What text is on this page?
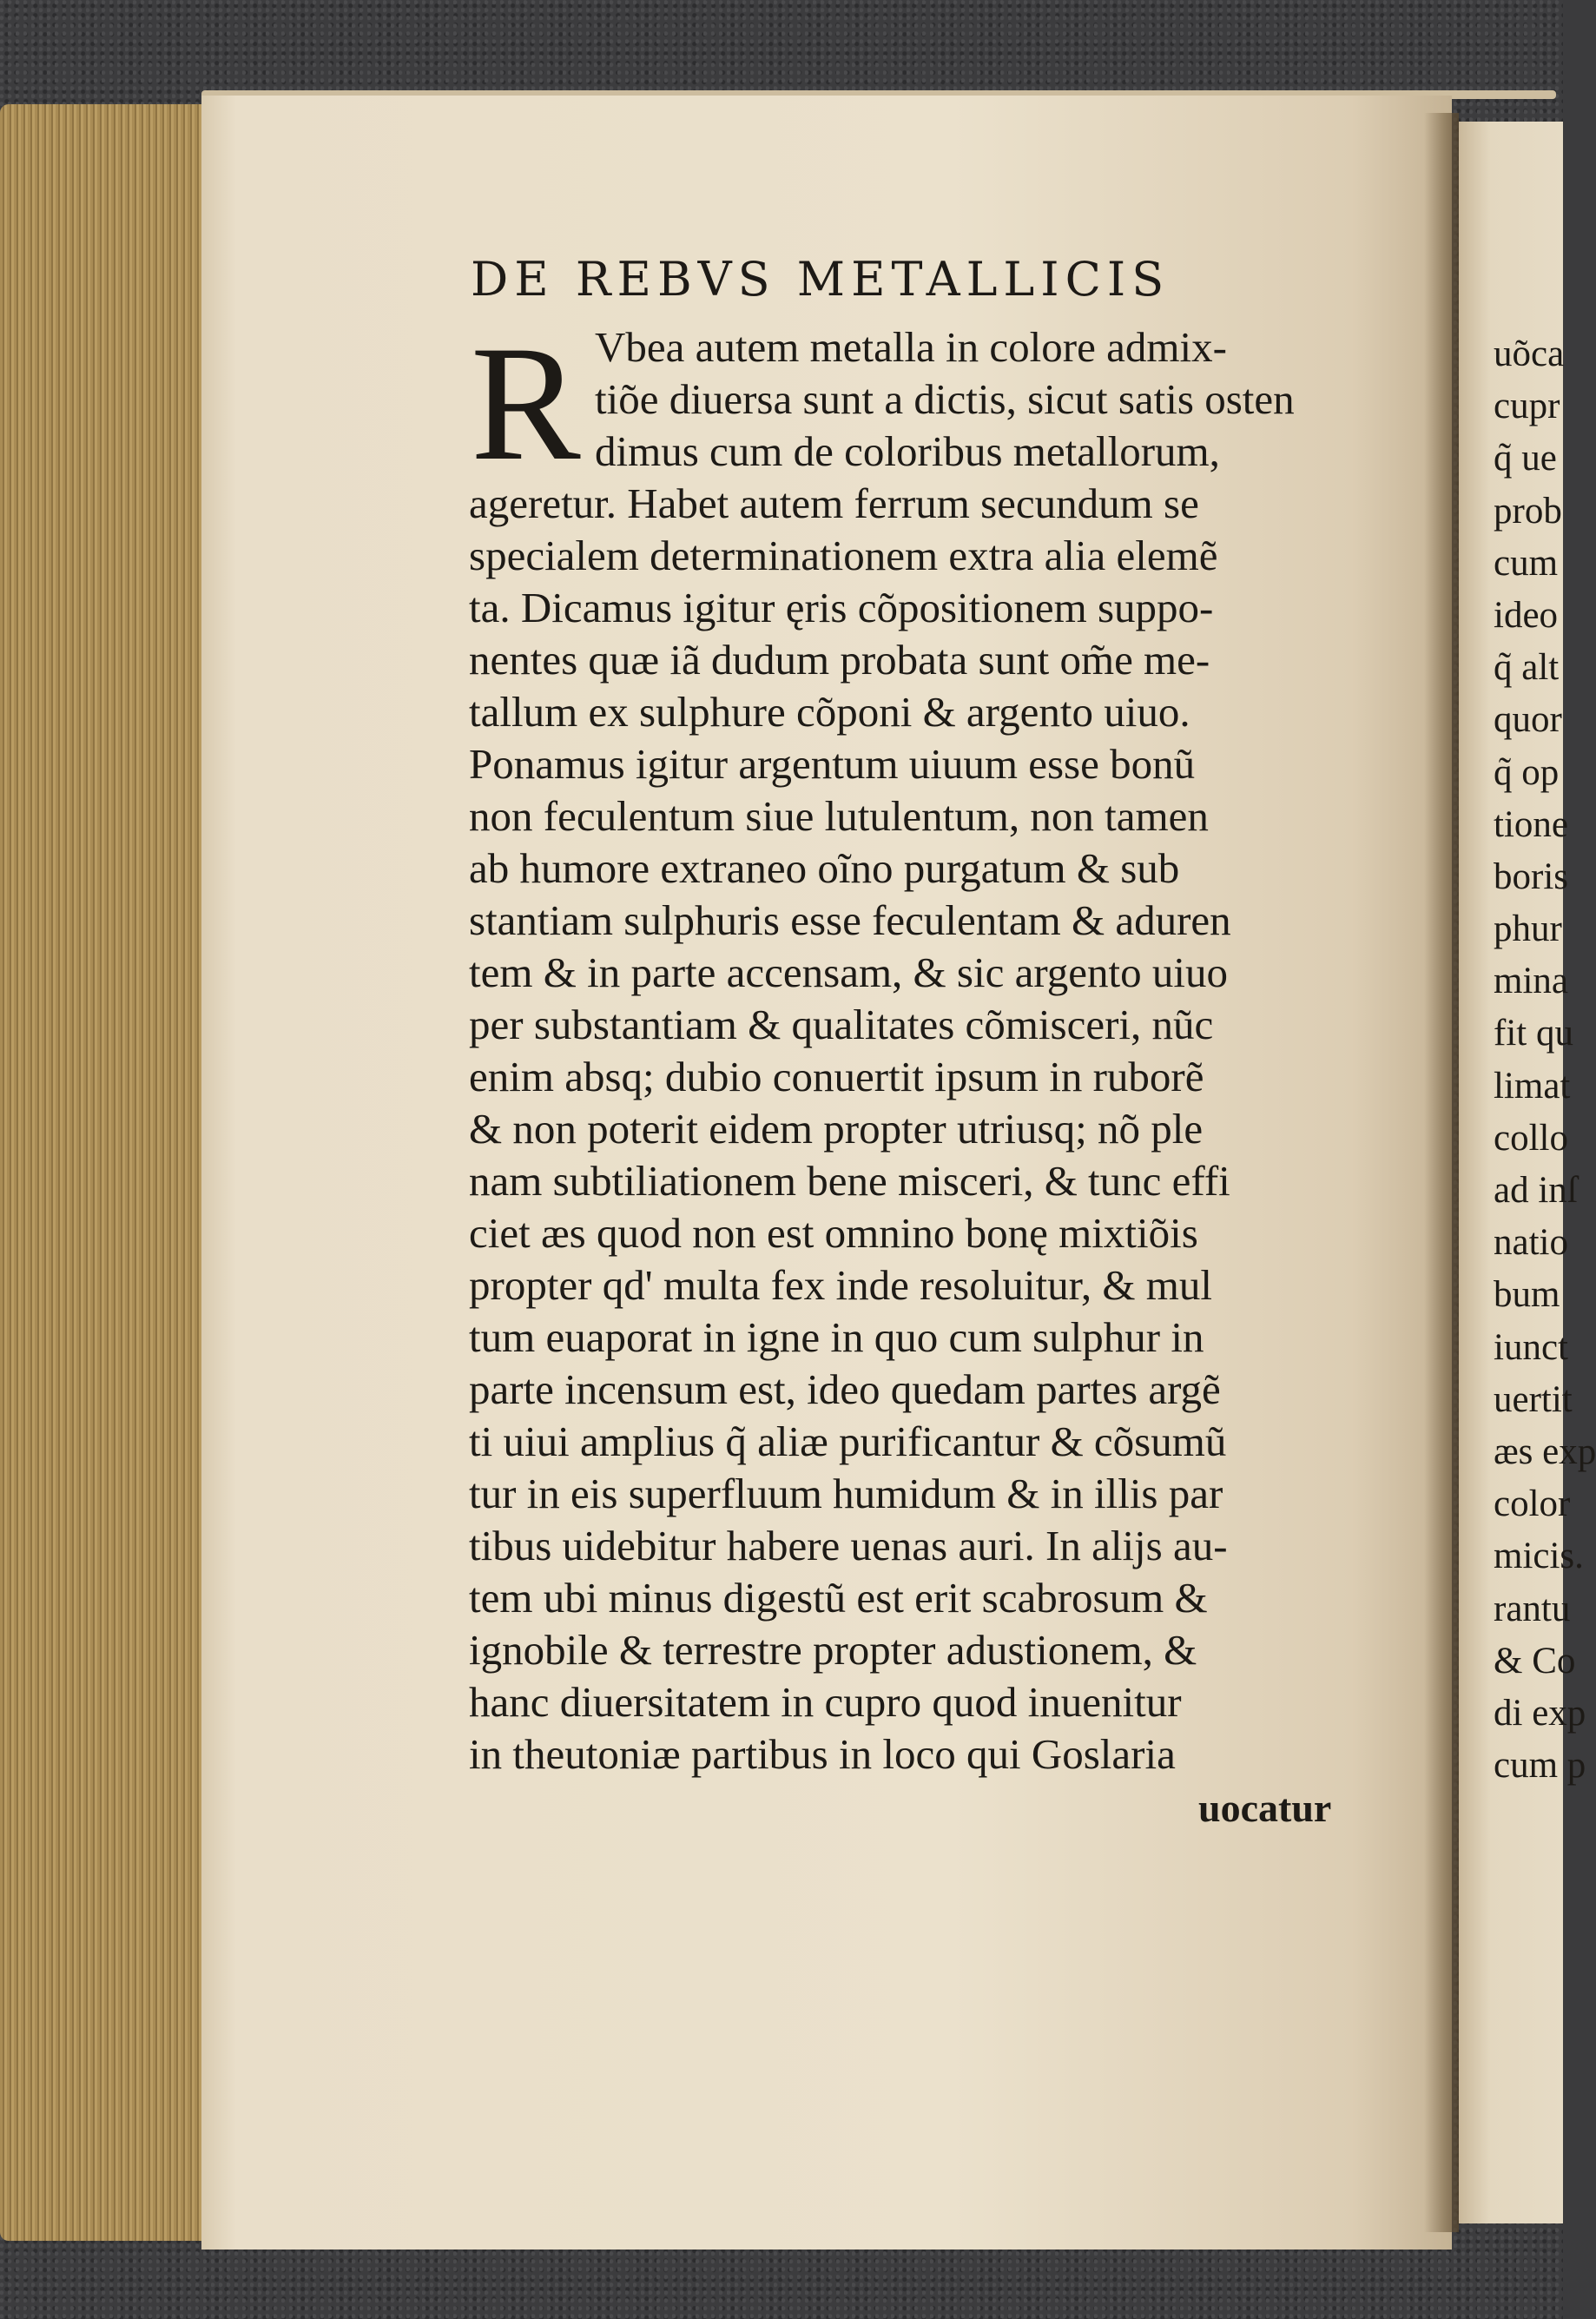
DE REBVS METALLICIS
R Vbea autem metalla in colore admix-
tiõe diuersa sunt a dictis, sicut satis osten
dimus cum de coloribus metallorum,
ageretur. Habet autem ferrum secundum se
specialem determinationem extra alia elemẽ
ta. Dicamus igitur ęris cõpositionem suppo-
nentes quæ iã dudum probata sunt om̃e me-
tallum ex sulphure cõponi & argento uiuo.
Ponamus igitur argentum uiuum esse bonũ
non feculentum siue lutulentum, non tamen
ab humore extraneo oĩno purgatum & sub
stantiam sulphuris esse feculentam & aduren
tem & in parte accensam, & sic argento uiuo
per substantiam & qualitates cõmisceri, nũc
enim absq; dubio conuertit ipsum in ruborẽ
& non poterit eidem propter utriusq; nõ ple
nam subtiliationem bene misceri, & tunc effi
ciet æs quod non est omnino bonę mixtiõis
propter qd' multa fex inde resoluitur, & mul
tum euaporat in igne in quo cum sulphur in
parte incensum est, ideo quedam partes argẽ
ti uiui amplius q̃ aliæ purificantur & cõsumũ
tur in eis superfluum humidum & in illis par
tibus uidebitur habere uenas auri. In alijs au-
tem ubi minus digestũ est erit scabrosum &
ignobile & terrestre propter adustionem, &
hanc diuersitatem in cupro quod inuenitur
in theutoniæ partibus in loco qui Goslaria
uocatur
uõca
cupr
q̃ ue
prob
cum
ideo
q̃ alt
quor
q̃ op
tione
boris
phur
mina
fit qu
limat
collo
ad inſ
natio
bum
iunct
uertit
æs exp
color
micis.
rantu
& Co
di exp
cum p
